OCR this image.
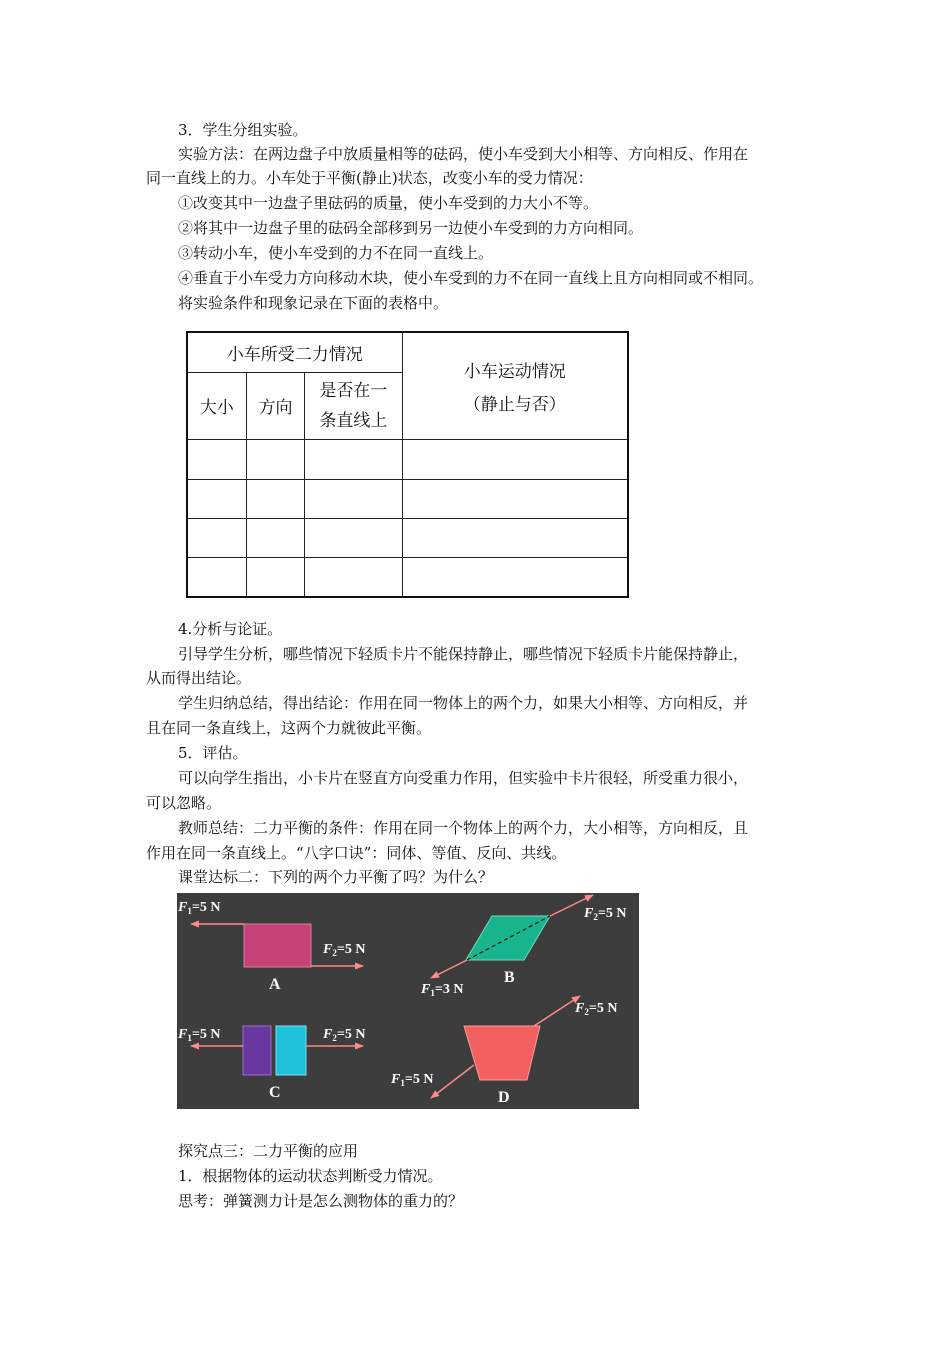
3．学生分组实验。
实验方法：在两边盘子中放质量相等的砝码，使小车受到大小相等、方向相反、作用在
同一直线上的力。小车处于平衡(静止)状态，改变小车的受力情况：
①改变其中一边盘子里砝码的质量，使小车受到的力大小不等。
②将其中一边盘子里的砝码全部移到另一边使小车受到的力方向相同。
③转动小车，使小车受到的力不在同一直线上。
④垂直于小车受力方向移动木块，使小车受到的力不在同一直线上且方向相同或不相同。
将实验条件和现象记录在下面的表格中。
小车所受二力情况			小车运动情况
（静止与否）

大小	方向	是否在一
条直线上	

4.分析与论证。
引导学生分析，哪些情况下轻质卡片不能保持静止，哪些情况下轻质卡片能保持静止，
从而得出结论。
学生归纳总结，得出结论：作用在同一物体上的两个力，如果大小相等、方向相反，并
且在同一条直线上，这两个力就彼此平衡。
5．评估。
可以向学生指出，小卡片在竖直方向受重力作用，但实验中卡片很轻，所受重力很小，
可以忽略。
教师总结：二力平衡的条件：作用在同一个物体上的两个力，大小相等，方向相反，且
作用在同一条直线上。“八字口诀”：同体、等值、反向、共线。
课堂达标二：下列的两个力平衡了吗？为什么？
$F_1=5$ N
$F_2=5$ N
A
$F_2=5$ N
$F_1=3$ N
B
$F_1=5$ N	$F_2=5$ N
C
$F_2=5$ N
$F_1=5$ N
D
探究点三：二力平衡的应用
1．根据物体的运动状态判断受力情况。
思考：弹簧测力计是怎么测物体的重力的？
